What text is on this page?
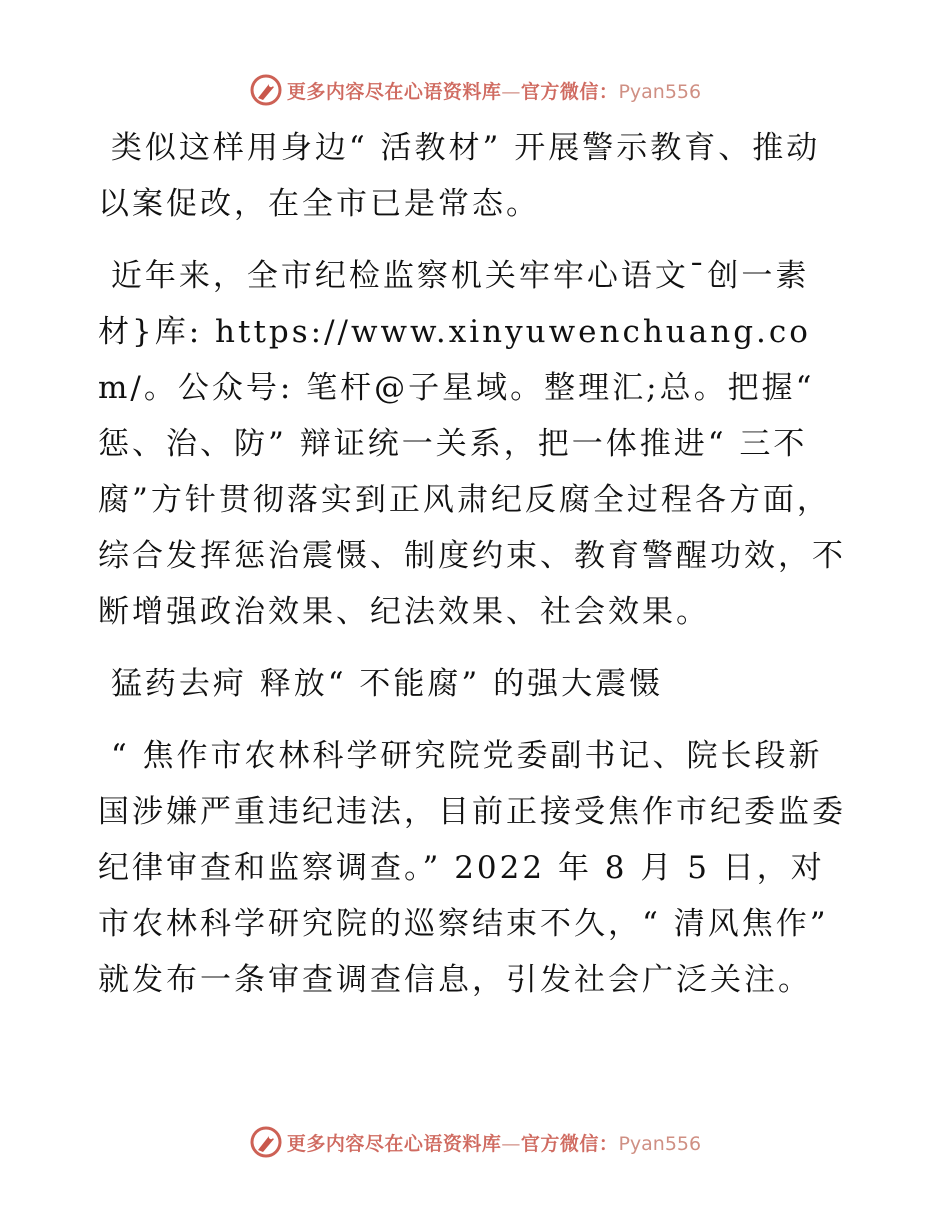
更多内容尽在心语资料库—官方微信：Pyan556

类似这样用身边“ 活教材” 开展警示教育、推动以案促改，在全市已是常态。

近年来，全市纪检监察机关牢牢心语文¯创一素材}库: https://www.xinyuwenchuang.com/。公众号: 笔杆@子星域。整理汇;总。把握“ 惩、治、防” 辩证统一关系，把一体推进“ 三不腐”方针贯彻落实到正风肃纪反腐全过程各方面，综合发挥惩治震慑、制度约束、教育警醒功效，不断增强政治效果、纪法效果、社会效果。

猛药去疴 释放“ 不能腐” 的强大震慑

“ 焦作市农林科学研究院党委副书记、院长段新国涉嫌严重违纪违法，目前正接受焦作市纪委监委纪律审查和监察调查。” 2022 年 8 月 5 日，对市农林科学研究院的巡察结束不久，“ 清风焦作” 就发布一条审查调查信息，引发社会广泛关注。

更多内容尽在心语资料库—官方微信：Pyan556
